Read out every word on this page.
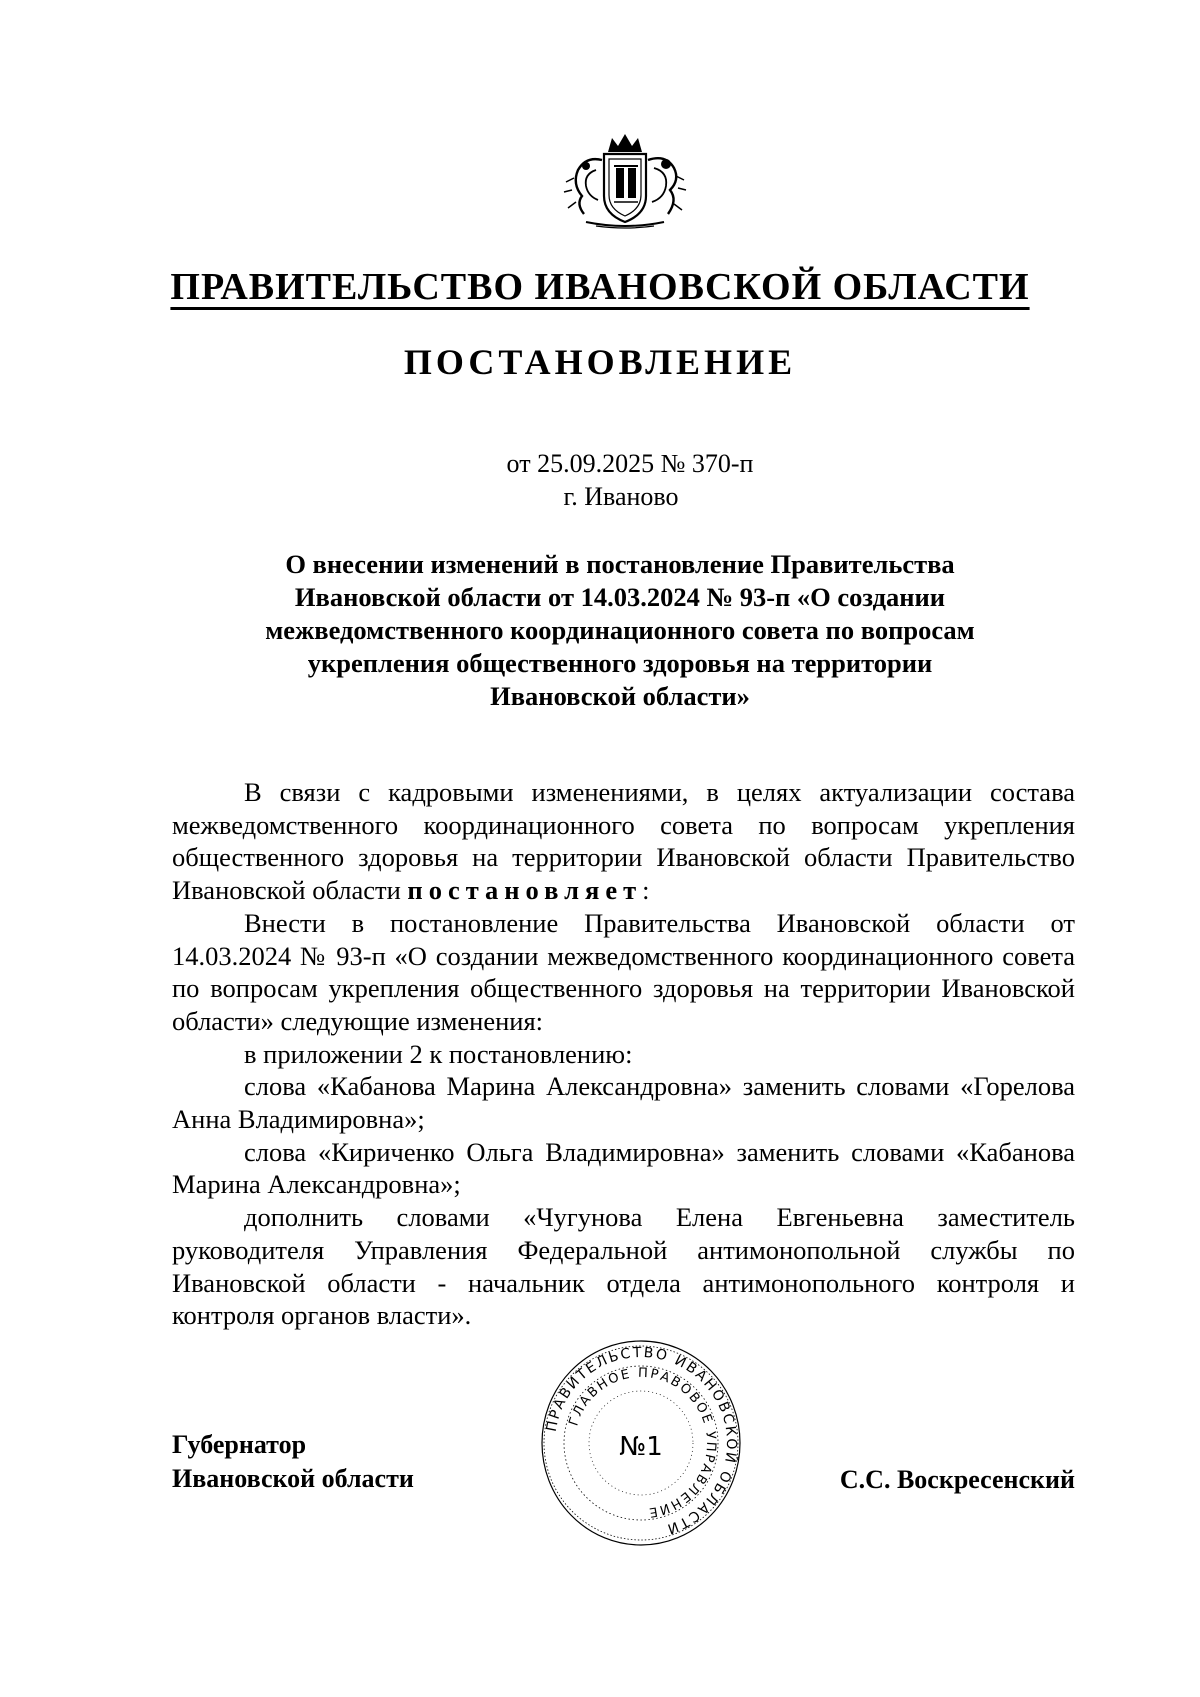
ПРАВИТЕЛЬСТВО ИВАНОВСКОЙ ОБЛАСТИ
ПОСТАНОВЛЕНИЕ
от 25.09.2025 № 370-п
г. Иваново
О внесении изменений в постановление Правительства
Ивановской области от 14.03.2024 № 93-п «О создании
межведомственного координационного совета по вопросам
укрепления общественного здоровья на территории
Ивановской области»

В связи с кадровыми изменениями, в целях актуализации состава межведомственного координационного совета по вопросам укрепления общественного здоровья на территории Ивановской области Правительство Ивановской области постановляет:

Внести в постановление Правительства Ивановской области от 14.03.2024 № 93-п «О создании межведомственного координационного совета по вопросам укрепления общественного здоровья на территории Ивановской области» следующие изменения:

в приложении 2 к постановлению:

слова «Кабанова Марина Александровна» заменить словами «Горелова Анна Владимировна»;

слова «Кириченко Ольга Владимировна» заменить словами «Кабанова Марина Александровна»;

дополнить словами «Чугунова Елена Евгеньевна заместитель руководителя Управления Федеральной антимонопольной службы по Ивановской области - начальник отдела антимонопольного контроля и контроля органов власти».

Губернатор
Ивановской области
ПРАВИТЕЛЬСТВО ИВАНОВСКОЙ ОБЛАСТИ
ГЛАВНОЕ ПРАВОВОЕ УПРАВЛЕНИЕ
№1
С.С. Воскресенский
